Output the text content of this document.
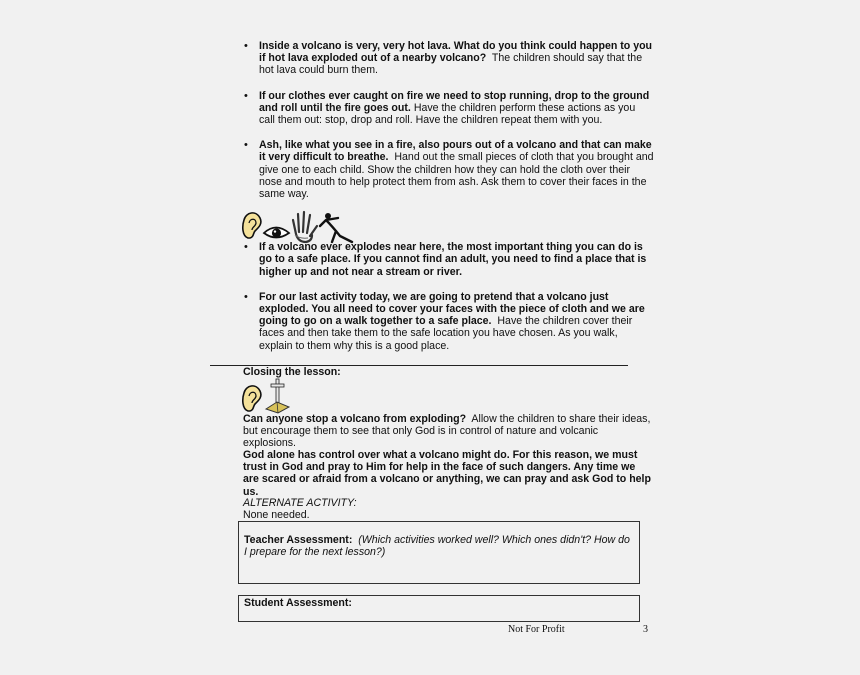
• Inside a volcano is very, very hot lava. What do you think could happen to you if hot lava exploded out of a nearby volcano? The children should say that the hot lava could burn them.
• If our clothes ever caught on fire we need to stop running, drop to the ground and roll until the fire goes out. Have the children perform these actions as you call them out: stop, drop and roll. Have the children repeat them with you.
• Ash, like what you see in a fire, also pours out of a volcano and that can make it very difficult to breathe. Hand out the small pieces of cloth that you brought and give one to each child. Show the children how they can hold the cloth over their nose and mouth to help protect them from ash. Ask them to cover their faces in the same way.
• If a volcano ever explodes near here, the most important thing you can do is go to a safe place. If you cannot find an adult, you need to find a place that is higher up and not near a stream or river.
• For our last activity today, we are going to pretend that a volcano just exploded. You all need to cover your faces with the piece of cloth and we are going to go on a walk together to a safe place. Have the children cover their faces and then take them to the safe location you have chosen. As you walk, explain to them why this is a good place.

Closing the lesson:

Can anyone stop a volcano from exploding? Allow the children to share their ideas, but encourage them to see that only God is in control of nature and volcanic explosions.

God alone has control over what a volcano might do. For this reason, we must trust in God and pray to Him for help in the face of such dangers. Any time we are scared or afraid from a volcano or anything, we can pray and ask God to help us.

ALTERNATE ACTIVITY:

None needed.

Teacher Assessment: (Which activities worked well? Which ones didn't? How do I prepare for the next lesson?)

Student Assessment:

Not For Profit	3
